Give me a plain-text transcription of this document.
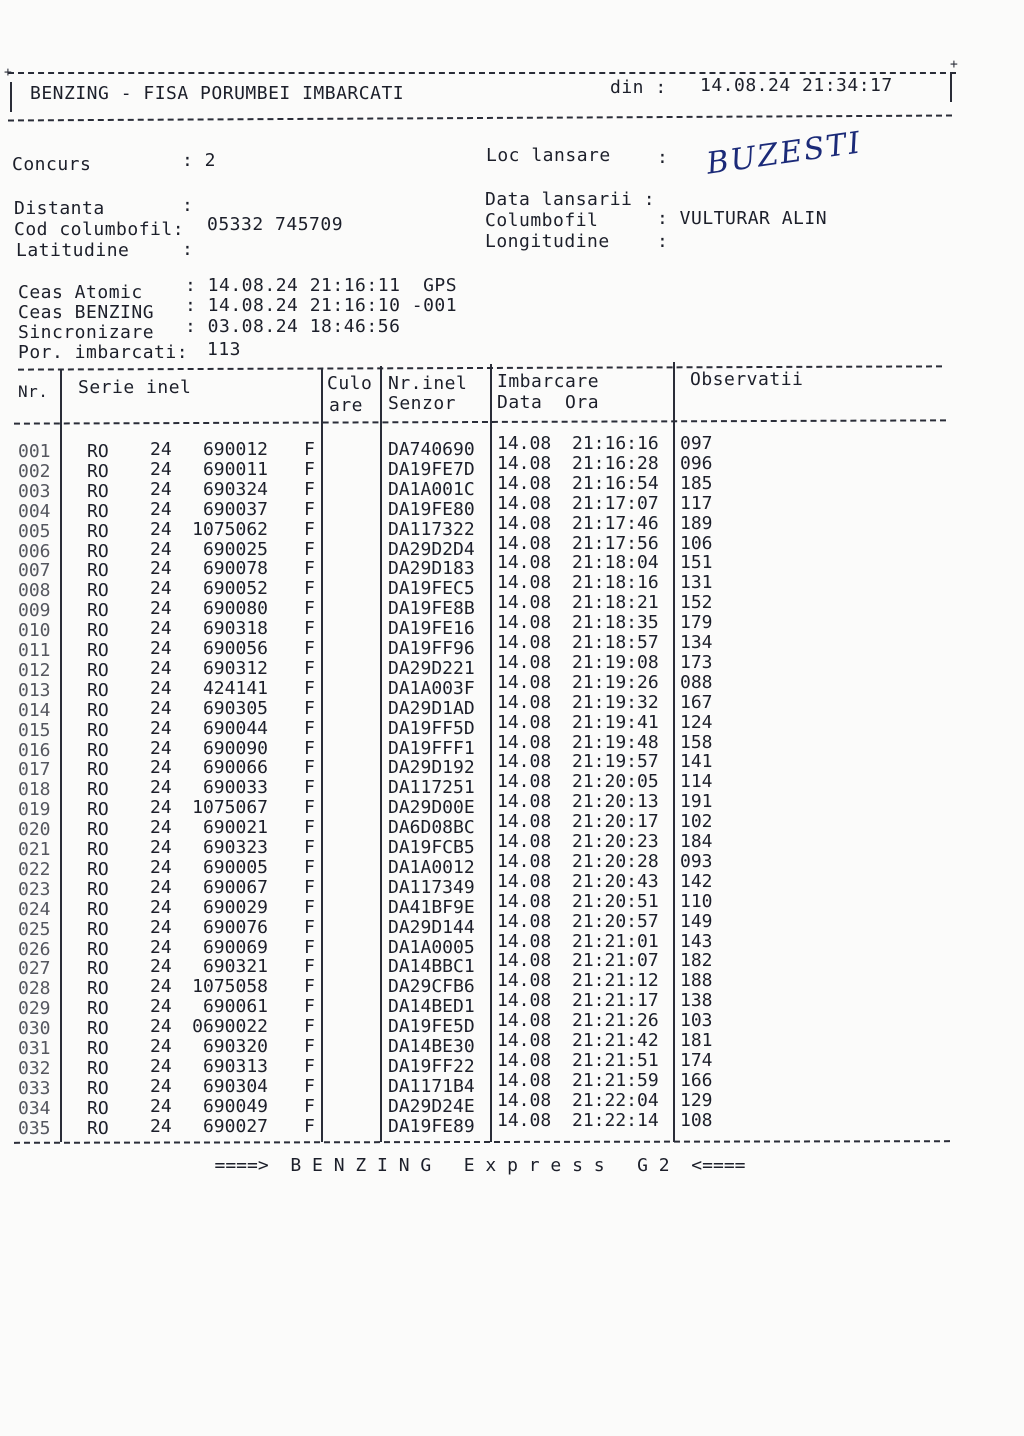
+
+
BENZING - FISA PORUMBEI IMBARCATI	din : 14.08.24 21:34:17
Concurs	: 2	Loc lansare	: BUZESTI
Distanta	:
Cod columbofil: 05332 745709
Latitudine	:
Data lansarii :
Columbofil	: VULTURAR ALIN
Longitudine	:
Ceas Atomic : 14.08.24 21:16:11  GPS
Ceas BENZING : 14.08.24 21:16:10 -001
Sincronizare : 03.08.24 18:46:56
Por. imbarcati: 113
Nr. Serie inel	Culo
are
Nr.inel
Senzor
Imbarcare
Data  Ora
Observatii
001 RO 24	690012 F	DA740690 14.08 21:16:16 097
002 RO 24	690011 F	DA19FE7D 14.08 21:16:28 096
003 RO 24	690324 F	DA1A001C 14.08 21:16:54 185
004 RO 24	690037 F	DA19FE80 14.08 21:17:07 117
005 RO 24	1075062 F	DA117322 14.08 21:17:46 189
006 RO 24	690025 F	DA29D2D4 14.08 21:17:56 106
007 RO 24	690078 F	DA29D183 14.08 21:18:04 151
008 RO 24	690052 F	DA19FEC5 14.08 21:18:16 131
009 RO 24	690080 F	DA19FE8B 14.08 21:18:21 152
010 RO 24	690318 F	DA19FE16 14.08 21:18:35 179
011 RO 24	690056 F	DA19FF96 14.08 21:18:57 134
012 RO 24	690312 F	DA29D221 14.08 21:19:08 173
013 RO 24	424141 F	DA1A003F 14.08 21:19:26 088
014 RO 24	690305 F	DA29D1AD 14.08 21:19:32 167
015 RO 24	690044 F	DA19FF5D 14.08 21:19:41 124
016 RO 24	690090 F	DA19FFF1 14.08 21:19:48 158
017 RO 24	690066 F	DA29D192 14.08 21:19:57 141
018 RO 24	690033 F	DA117251 14.08 21:20:05 114
019 RO 24	1075067 F	DA29D00E 14.08 21:20:13 191
020 RO 24	690021 F	DA6D08BC 14.08 21:20:17 102
021 RO 24	690323 F	DA19FCB5 14.08 21:20:23 184
022 RO 24	690005 F	DA1A0012 14.08 21:20:28 093
023 RO 24	690067 F	DA117349 14.08 21:20:43 142
024 RO 24	690029 F	DA41BF9E 14.08 21:20:51 110
025 RO 24	690076 F	DA29D144 14.08 21:20:57 149
026 RO 24	690069 F	DA1A0005 14.08 21:21:01 143
027 RO 24	690321 F	DA14BBC1 14.08 21:21:07 182
028 RO 24	1075058 F	DA29CFB6 14.08 21:21:12 188
029 RO 24	690061 F	DA14BED1 14.08 21:21:17 138
030 RO 24	0690022 F	DA19FE5D 14.08 21:21:26 103
031 RO 24	690320 F	DA14BE30 14.08 21:21:42 181
032 RO 24	690313 F	DA19FF22 14.08 21:21:51 174
033 RO 24	690304 F	DA1171B4 14.08 21:21:59 166
034 RO 24	690049 F	DA29D24E 14.08 21:22:04 129
035 RO 24	690027 F	DA19FE89 14.08 21:22:14 108
====>  B E N Z I N G   E x p r e s s   G 2  <====
